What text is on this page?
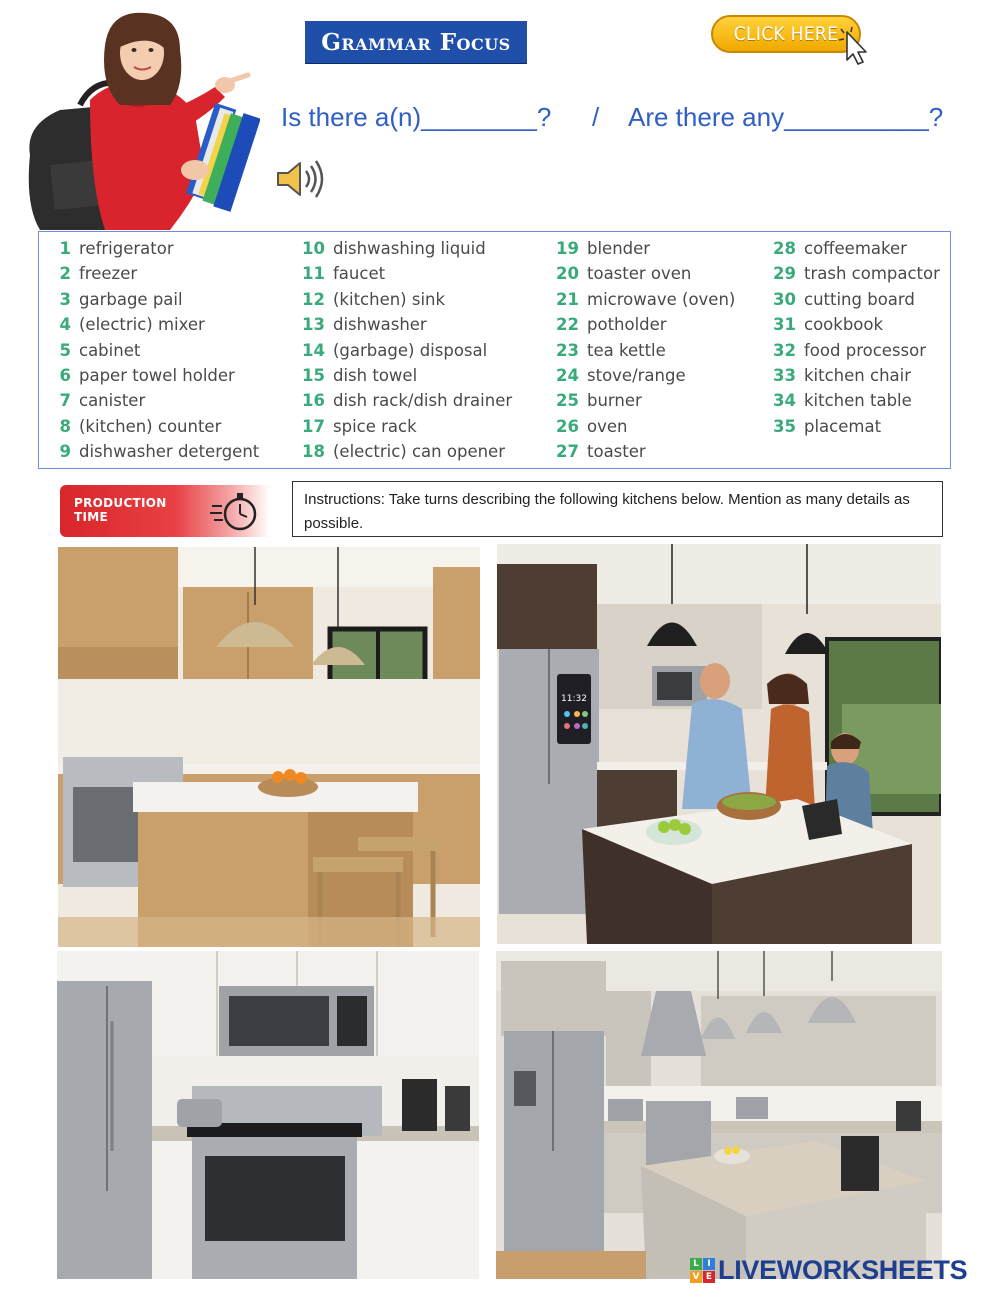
Grammar Focus	CLICK HERE
Is there a(n)________? / Are there any__________?
1 refrigerator
2 freezer
3 garbage pail
4 (electric) mixer
5 cabinet
6 paper towel holder
7 canister
8 (kitchen) counter
9 dishwasher detergent
10 dishwashing liquid
11 faucet
12 (kitchen) sink
13 dishwasher
14 (garbage) disposal
15 dish towel
16 dish rack/dish drainer
17 spice rack
18 (electric) can opener
19 blender
20 toaster oven
21 microwave (oven)
22 potholder
23 tea kettle
24 stove/range
25 burner
26 oven
27 toaster
28 coffeemaker
29 trash compactor
30 cutting board
31 cookbook
32 food processor
33 kitchen chair
34 kitchen table
35 placemat
PRODUCTION
TIME
Instructions: Take turns describing the following kitchens below. Mention as many details as possible.
11:32
L I
V E LIVEWORKSHEETS
